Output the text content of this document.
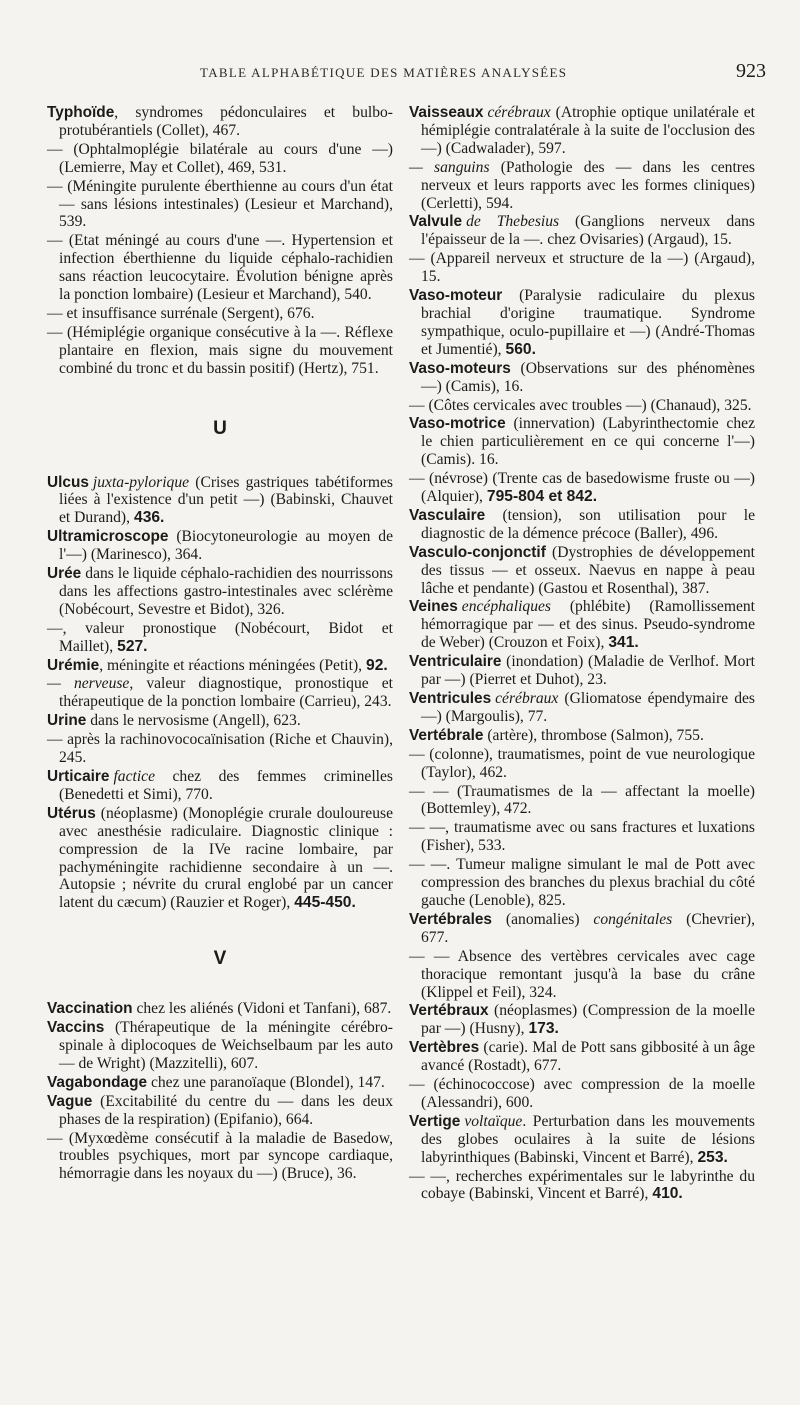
TABLE ALPHABÉTIQUE DES MATIÈRES ANALYSÉES	923

Typhoïde, syndromes pédonculaires et bulbo-protubérantiels (Collet), 467.

— (Ophtalmoplégie bilatérale au cours d'une —) (Lemierre, May et Collet), 469, 531.

— (Méningite purulente éberthienne au cours d'un état — sans lésions intestinales) (Lesieur et Marchand), 539.

— (Etat méningé au cours d'une —. Hypertension et infection éberthienne du liquide céphalo-rachidien sans réaction leucocytaire. Évolution bénigne après la ponction lombaire) (Lesieur et Marchand), 540.

— et insuffisance surrénale (Sergent), 676.

— (Hémiplégie organique consécutive à la —. Réflexe plantaire en flexion, mais signe du mouvement combiné du tronc et du bassin positif) (Hertz), 751.

U

Ulcus juxta-pylorique (Crises gastriques tabétiformes liées à l'existence d'un petit —) (Babinski, Chauvet et Durand), 436.

Ultramicroscope (Biocytoneurologie au moyen de l'—) (Marinesco), 364.

Urée dans le liquide céphalo-rachidien des nourrissons dans les affections gastro-intestinales avec sclérème (Nobécourt, Sevestre et Bidot), 326.

—, valeur pronostique (Nobécourt, Bidot et Maillet), 527.

Urémie, méningite et réactions méningées (Petit), 92.

— nerveuse, valeur diagnostique, pronostique et thérapeutique de la ponction lombaire (Carrieu), 243.

Urine dans le nervosisme (Angell), 623.

— après la rachinovococaïnisation (Riche et Chauvin), 245.

Urticaire factice chez des femmes criminelles (Benedetti et Simi), 770.

Utérus (néoplasme) (Monoplégie crurale douloureuse avec anesthésie radiculaire. Diagnostic clinique : compression de la IVe racine lombaire, par pachyméningite rachidienne secondaire à un —. Autopsie ; névrite du crural englobé par un cancer latent du cæcum) (Rauzier et Roger), 445-450.

V

Vaccination chez les aliénés (Vidoni et Tanfani), 687.

Vaccins (Thérapeutique de la méningite cérébro-spinale à diplocoques de Weichselbaum par les auto — de Wright) (Mazzitelli), 607.

Vagabondage chez une paranoïaque (Blondel), 147.

Vague (Excitabilité du centre du — dans les deux phases de la respiration) (Epifanio), 664.

— (Myxœdème consécutif à la maladie de Basedow, troubles psychiques, mort par syncope cardiaque, hémorragie dans les noyaux du —) (Bruce), 36.

Vaisseaux cérébraux (Atrophie optique unilatérale et hémiplégie contralatérale à la suite de l'occlusion des —) (Cadwalader), 597.

— sanguins (Pathologie des — dans les centres nerveux et leurs rapports avec les formes cliniques) (Cerletti), 594.

Valvule de Thebesius (Ganglions nerveux dans l'épaisseur de la —. chez Ovisaries) (Argaud), 15.

— (Appareil nerveux et structure de la —) (Argaud), 15.

Vaso-moteur (Paralysie radiculaire du plexus brachial d'origine traumatique. Syndrome sympathique, oculo-pupillaire et —) (André-Thomas et Jumentié), 560.

Vaso-moteurs (Observations sur des phénomènes —) (Camis), 16.

— (Côtes cervicales avec troubles —) (Chanaud), 325.

Vaso-motrice (innervation) (Labyrinthectomie chez le chien particulièrement en ce qui concerne l'—) (Camis). 16.

— (névrose) (Trente cas de basedowisme fruste ou —) (Alquier), 795-804 et 842.

Vasculaire (tension), son utilisation pour le diagnostic de la démence précoce (Baller), 496.

Vasculo-conjonctif (Dystrophies de développement des tissus — et osseux. Naevus en nappe à peau lâche et pendante) (Gastou et Rosenthal), 387.

Veines encéphaliques (phlébite) (Ramollissement hémorragique par — et des sinus. Pseudo-syndrome de Weber) (Crouzon et Foix), 341.

Ventriculaire (inondation) (Maladie de Verlhof. Mort par —) (Pierret et Duhot), 23.

Ventricules cérébraux (Gliomatose épendymaire des —) (Margoulis), 77.

Vertébrale (artère), thrombose (Salmon), 755.

— (colonne), traumatismes, point de vue neurologique (Taylor), 462.

— — (Traumatismes de la — affectant la moelle) (Bottemley), 472.

— —, traumatisme avec ou sans fractures et luxations (Fisher), 533.

— —. Tumeur maligne simulant le mal de Pott avec compression des branches du plexus brachial du côté gauche (Lenoble), 825.

Vertébrales (anomalies) congénitales (Chevrier), 677.

— — Absence des vertèbres cervicales avec cage thoracique remontant jusqu'à la base du crâne (Klippel et Feil), 324.

Vertébraux (néoplasmes) (Compression de la moelle par —) (Husny), 173.

Vertèbres (carie). Mal de Pott sans gibbosité à un âge avancé (Rostadt), 677.

— (échinococcose) avec compression de la moelle (Alessandri), 600.

Vertige voltaïque. Perturbation dans les mouvements des globes oculaires à la suite de lésions labyrinthiques (Babinski, Vincent et Barré), 253.

— —, recherches expérimentales sur le labyrinthe du cobaye (Babinski, Vincent et Barré), 410.
